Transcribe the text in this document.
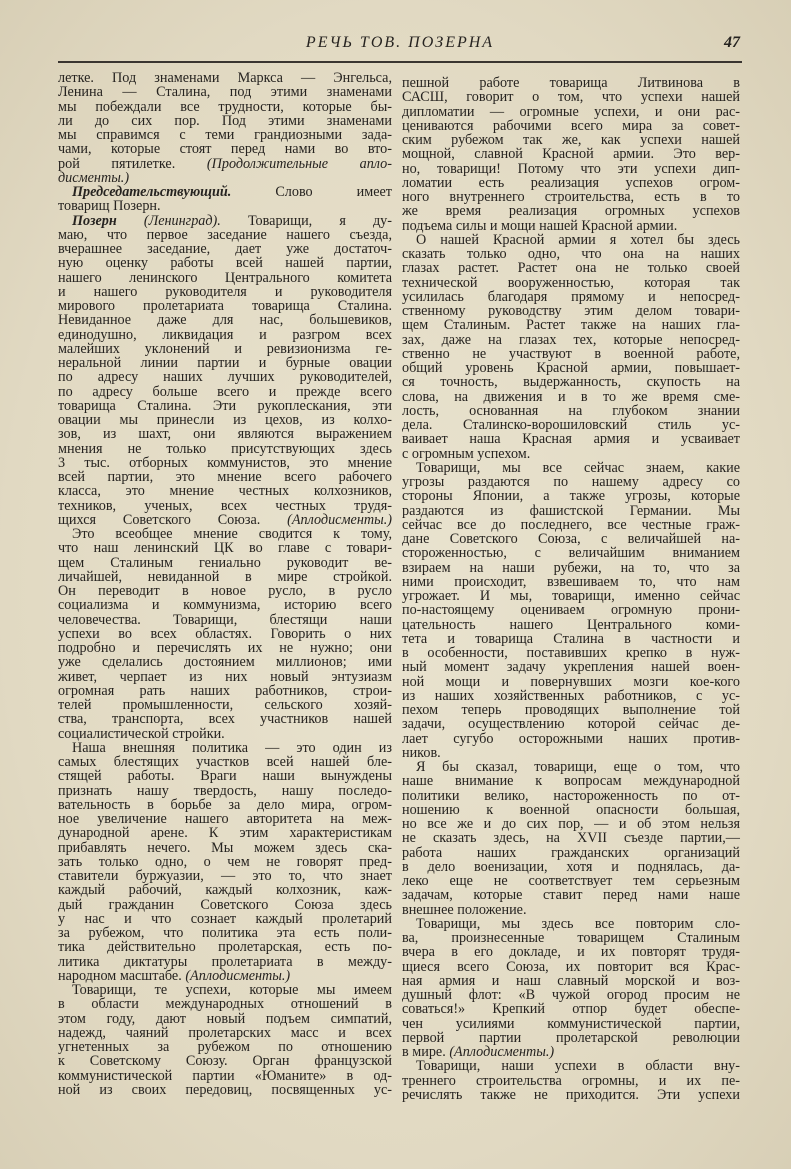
РЕЧЬ ТОВ. ПОЗЕРНА	47
летке. Под знаменами Маркса — Энгельса,
Ленина — Сталина, под этими знаменами
мы побеждали все трудности, которые бы-
ли до сих пор. Под этими знаменами
мы справимся с теми грандиозными зада-
чами, которые стоят перед нами во вто-
рой пятилетке. (Продолжительные апло-
дисменты.)
Председательствующий. Слово имеет
товарищ Позерн.
Позерн (Ленинград). Товарищи, я ду-
маю, что первое заседание нашего съезда,
вчерашнее заседание, дает уже достаточ-
ную оценку работы всей нашей партии,
нашего ленинского Центрального комитета
и нашего руководителя и руководителя
мирового пролетариата товарища Сталина.
Невиданное даже для нас, большевиков,
единодушно, ликвидация и разгром всех
малейших уклонений и ревизионизма ге-
неральной линии партии и бурные овации
по адресу наших лучших руководителей,
по адресу больше всего и прежде всего
товарища Сталина. Эти рукоплескания, эти
овации мы принесли из цехов, из колхо-
зов, из шахт, они являются выражением
мнения не только присутствующих здесь
3 тыс. отборных коммунистов, это мнение
всей партии, это мнение всего рабочего
класса, это мнение честных колхозников,
техников, ученых, всех честных трудя-
щихся Советского Союза. (Аплодисменты.)
Это всеобщее мнение сводится к тому,
что наш ленинский ЦК во главе с товари-
щем Сталиным гениально руководит ве-
личайшей, невиданной в мире стройкой.
Он переводит в новое русло, в русло
социализма и коммунизма, историю всего
человечества. Товарищи, блестящи наши
успехи во всех областях. Говорить о них
подробно и перечислять их не нужно; они
уже сделались достоянием миллионов; ими
живет, черпает из них новый энтузиазм
огромная рать наших работников, строи-
телей промышленности, сельского хозяй-
ства, транспорта, всех участников нашей
социалистической стройки.
Наша внешняя политика — это один из
самых блестящих участков всей нашей бле-
стящей работы. Враги наши вынуждены
признать нашу твердость, нашу последо-
вательность в борьбе за дело мира, огром-
ное увеличение нашего авторитета на меж-
дународной арене. К этим характеристикам
прибавлять нечего. Мы можем здесь ска-
зать только одно, о чем не говорят пред-
ставители буржуазии, — это то, что знает
каждый рабочий, каждый колхозник, каж-
дый гражданин Советского Союза здесь
у нас и что сознает каждый пролетарий
за рубежом, что политика эта есть поли-
тика действительно пролетарская, есть по-
литика диктатуры пролетариата в между-
народном масштабе. (Аплодисменты.)
Товарищи, те успехи, которые мы имеем
в области международных отношений в
этом году, дают новый подъем симпатий,
надежд, чаяний пролетарских масс и всех
угнетенных за рубежом по отношению
к Советскому Союзу. Орган французской
коммунистической партии «Юманите» в од-
ной из своих передовиц, посвященных ус-
пешной работе товарища Литвинова в
САСШ, говорит о том, что успехи нашей
дипломатии — огромные успехи, и они рас-
цениваются рабочими всего мира за совет-
ским рубежом так же, как успехи нашей
мощной, славной Красной армии. Это вер-
но, товарищи! Потому что эти успехи дип-
ломатии есть реализация успехов огром-
ного внутреннего строительства, есть в то
же время реализация огромных успехов
подъема силы и мощи нашей Красной армии.
О нашей Красной армии я хотел бы здесь
сказать только одно, что она на наших
глазах растет. Растет она не только своей
технической вооруженностью, которая так
усилилась благодаря прямому и непосред-
ственному руководству этим делом товари-
щем Сталиным. Растет также на наших гла-
зах, даже на глазах тех, которые непосред-
ственно не участвуют в военной работе,
общий уровень Красной армии, повышает-
ся точность, выдержанность, скупость на
слова, на движения и в то же время сме-
лость, основанная на глубоком знании
дела. Сталинско-ворошиловский стиль ус-
ваивает наша Красная армия и усваивает
с огромным успехом.
Товарищи, мы все сейчас знаем, какие
угрозы раздаются по нашему адресу со
стороны Японии, а также угрозы, которые
раздаются из фашистской Германии. Мы
сейчас все до последнего, все честные граж-
дане Советского Союза, с величайшей на-
стороженностью, с величайшим вниманием
взираем на наши рубежи, на то, что за
ними происходит, взвешиваем то, что нам
угрожает. И мы, товарищи, именно сейчас
по-настоящему оцениваем огромную прони-
цательность нашего Центрального коми-
тета и товарища Сталина в частности и
в особенности, поставивших крепко в нуж-
ный момент задачу укрепления нашей воен-
ной мощи и повернувших мозги кое-кого
из наших хозяйственных работников, с ус-
пехом теперь проводящих выполнение той
задачи, осуществлению которой сейчас де-
лает сугубо осторожными наших против-
ников.
Я бы сказал, товарищи, еще о том, что
наше внимание к вопросам международной
политики велико, настороженность по от-
ношению к военной опасности большая,
но все же и до сих пор, — и об этом нельзя
не сказать здесь, на XVII съезде партии,—
работа наших гражданских организаций
в дело военизации, хотя и поднялась, да-
леко еще не соответствует тем серьезным
задачам, которые ставит перед нами наше
внешнее положение.
Товарищи, мы здесь все повторим сло-
ва, произнесенные товарищем Сталиным
вчера в его докладе, и их повторят трудя-
щиеся всего Союза, их повторит вся Крас-
ная армия и наш славный морской и воз-
душный флот: «В чужой огород просим не
соваться!» Крепкий отпор будет обеспе-
чен усилиями коммунистической партии,
первой партии пролетарской революции
в мире. (Аплодисменты.)
Товарищи, наши успехи в области вну-
треннего строительства огромны, и их пе-
речислять также не приходится. Эти успехи
